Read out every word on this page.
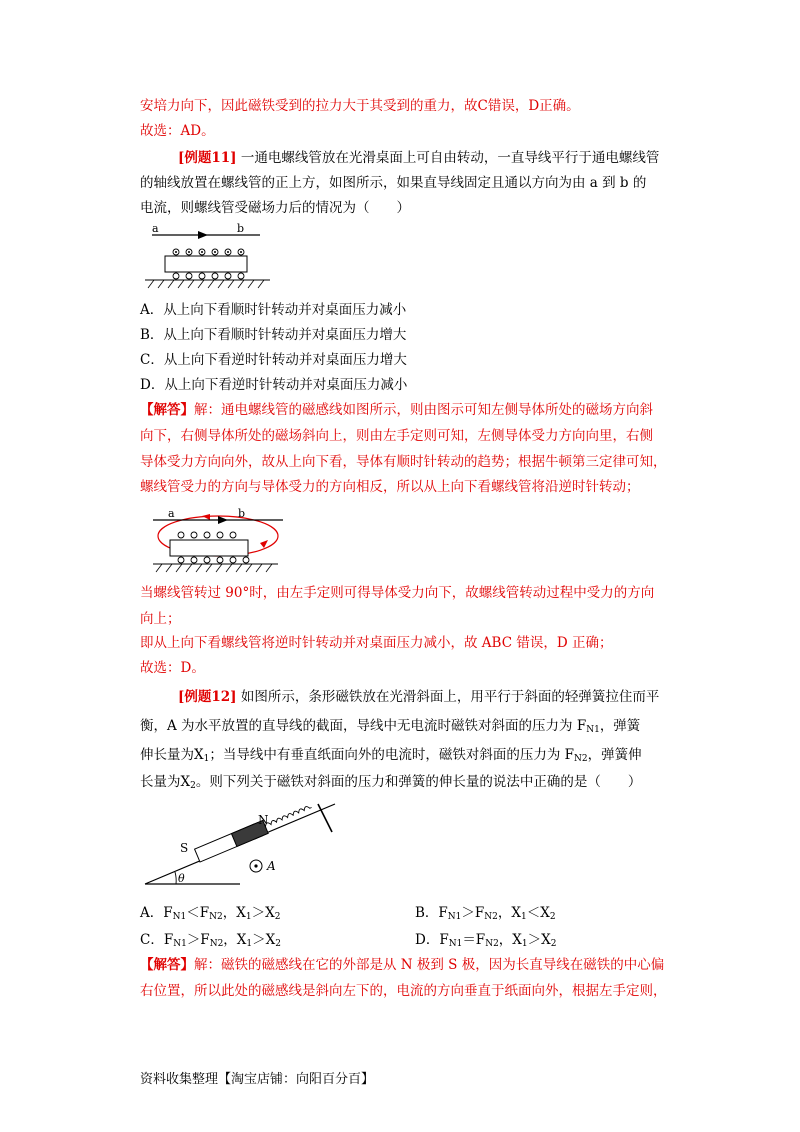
安培力向下，因此磁铁受到的拉力大于其受到的重力，故C错误，D正确。
故选：AD。
[例题11] 一通电螺线管放在光滑桌面上可自由转动，一直导线平行于通电螺线管
的轴线放置在螺线管的正上方，如图所示，如果直导线固定且通以方向为由 a 到 b 的
电流，则螺线管受磁场力后的情况为（　　）
a	b
A．从上向下看顺时针转动并对桌面压力减小
B．从上向下看顺时针转动并对桌面压力增大
C．从上向下看逆时针转动并对桌面压力增大
D．从上向下看逆时针转动并对桌面压力减小
【解答】解：通电螺线管的磁感线如图所示，则由图示可知左侧导体所处的磁场方向斜
向下，右侧导体所处的磁场斜向上，则由左手定则可知，左侧导体受力方向向里，右侧
导体受力方向向外，故从上向下看，导体有顺时针转动的趋势；根据牛顿第三定律可知，
螺线管受力的方向与导体受力的方向相反，所以从上向下看螺线管将沿逆时针转动；
a	b
当螺线管转过 90°时，由左手定则可得导体受力向下，故螺线管转动过程中受力的方向
向上；
即从上向下看螺线管将逆时针转动并对桌面压力减小，故 ABC 错误，D 正确；
故选：D。
[例题12] 如图所示，条形磁铁放在光滑斜面上，用平行于斜面的轻弹簧拉住而平
衡，A 为水平放置的直导线的截面，导线中无电流时磁铁对斜面的压力为 $F_{N1}$，弹簧
伸长量为$X_1$；当导线中有垂直纸面向外的电流时，磁铁对斜面的压力为 $F_{N2}$，弹簧伸
长量为$X_2$。则下列关于磁铁对斜面的压力和弹簧的伸长量的说法中正确的是（　　）
θ
S
N
A
A．$F_{N1}<F_{N2}$，$X_1>X_2$	B．$F_{N1}>F_{N2}$，$X_1<X_2$
C．$F_{N1}>F_{N2}$，$X_1>X_2$	D．$F_{N1}=F_{N2}$，$X_1>X_2$
【解答】解：磁铁的磁感线在它的外部是从 N 极到 S 极，因为长直导线在磁铁的中心偏
右位置，所以此处的磁感线是斜向左下的，电流的方向垂直于纸面向外，根据左手定则，
资料收集整理【淘宝店铺：向阳百分百】
